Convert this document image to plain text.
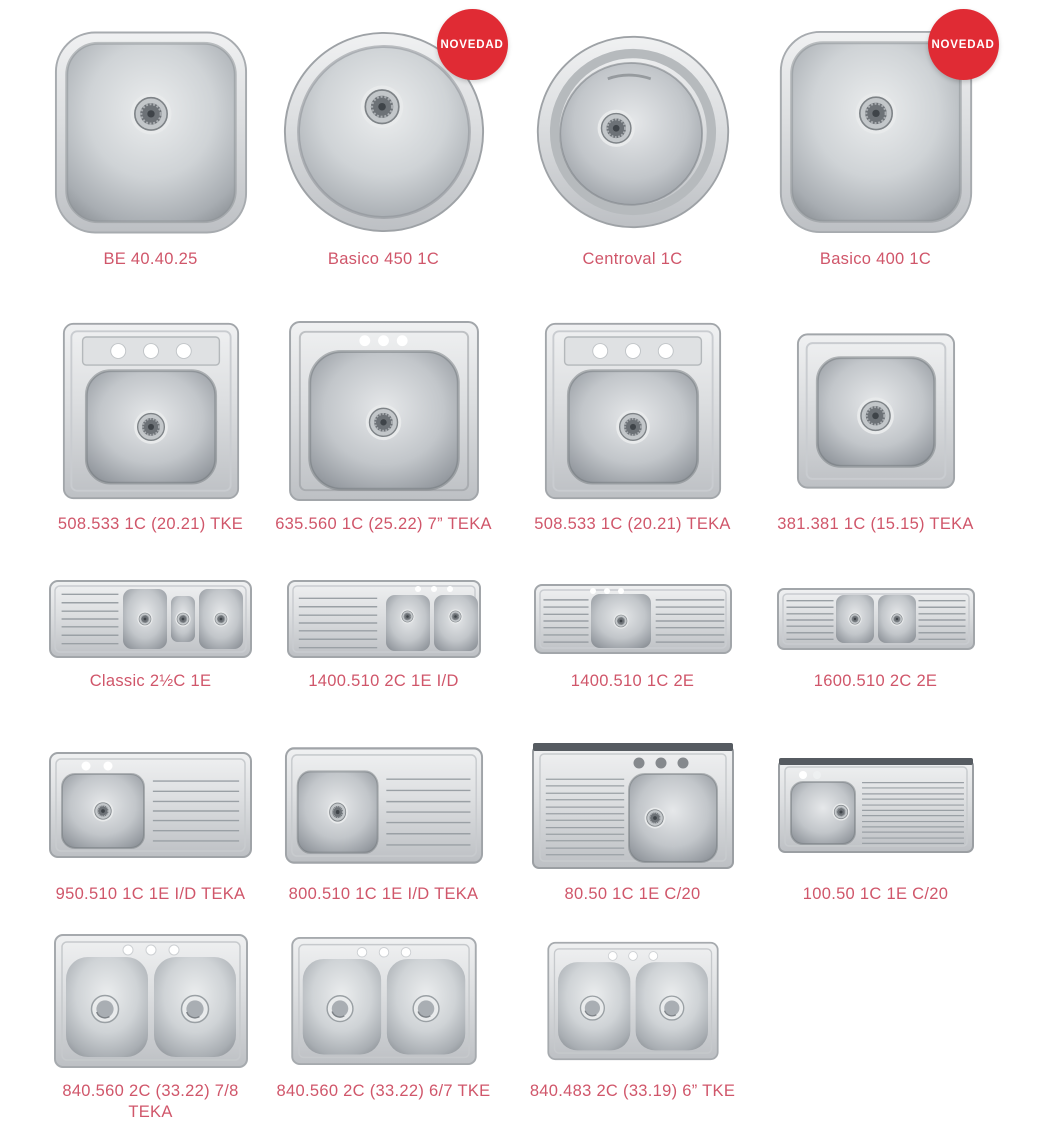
BE 40.40.25
NOVEDAD
Basico 450 1C	Centroval 1C
NOVEDAD
Basico 400 1C
508.533 1C (20.21) TKE 635.560 1C (25.22) 7” TEKA	508.533 1C (20.21) TEKA	381.381 1C (15.15) TEKA
Classic 2½C 1E	1400.510 2C 1E I/D	1400.510 1C 2E	1600.510 2C 2E
950.510 1C 1E I/D TEKA	800.510 1C 1E I/D TEKA	80.50 1C 1E C/20	100.50 1C 1E C/20
840.560 2C (33.22) 7/8 TEKA
840.560 2C (33.22) 6/7 TKE 840.483 2C (33.19) 6” TKE
